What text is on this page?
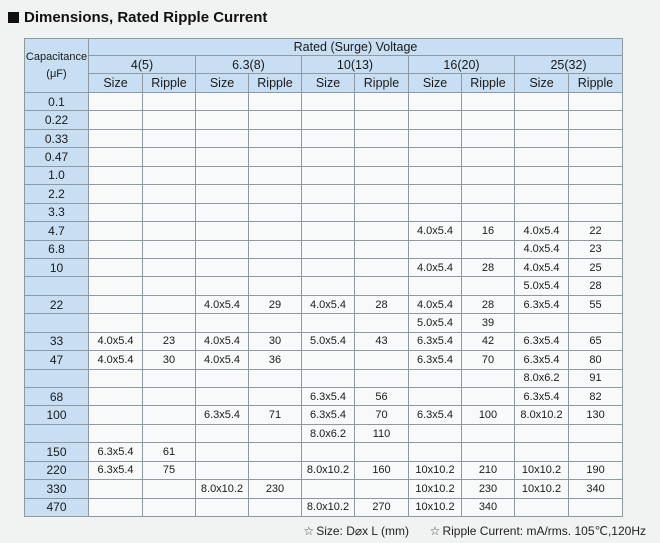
Dimensions, Rated Ripple Current
Capacitance
(μF)	Rated (Surge) Voltage									
	4(5)		6.3(8)		10(13)		16(20)		25(32)	
	Size	Ripple	Size	Ripple	Size	Ripple	Size	Ripple	Size	Ripple
0.1										
0.22										
0.33										
0.47										
1.0										
2.2										
3.3										
4.7							4.0x5.4	16	4.0x5.4	22
6.8									4.0x5.4	23
10							4.0x5.4	28	4.0x5.4	25
									5.0x5.4	28
22			4.0x5.4	29	4.0x5.4	28	4.0x5.4	28	6.3x5.4	55
							5.0x5.4	39		
33	4.0x5.4	23	4.0x5.4	30	5.0x5.4	43	6.3x5.4	42	6.3x5.4	65
47	4.0x5.4	30	4.0x5.4	36			6.3x5.4	70	6.3x5.4	80
									8.0x6.2	91
68					6.3x5.4	56			6.3x5.4	82
100			6.3x5.4	71	6.3x5.4	70	6.3x5.4	100	8.0x10.2	130
					8.0x6.2	110				
150	6.3x5.4	61								
220	6.3x5.4	75			8.0x10.2	160	10x10.2	210	10x10.2	190
330			8.0x10.2	230			10x10.2	230	10x10.2	340
470					8.0x10.2	270	10x10.2	340		
☆ Size: D⌀x L (mm) ☆ Ripple Current: mA/rms. 105℃,120Hz
